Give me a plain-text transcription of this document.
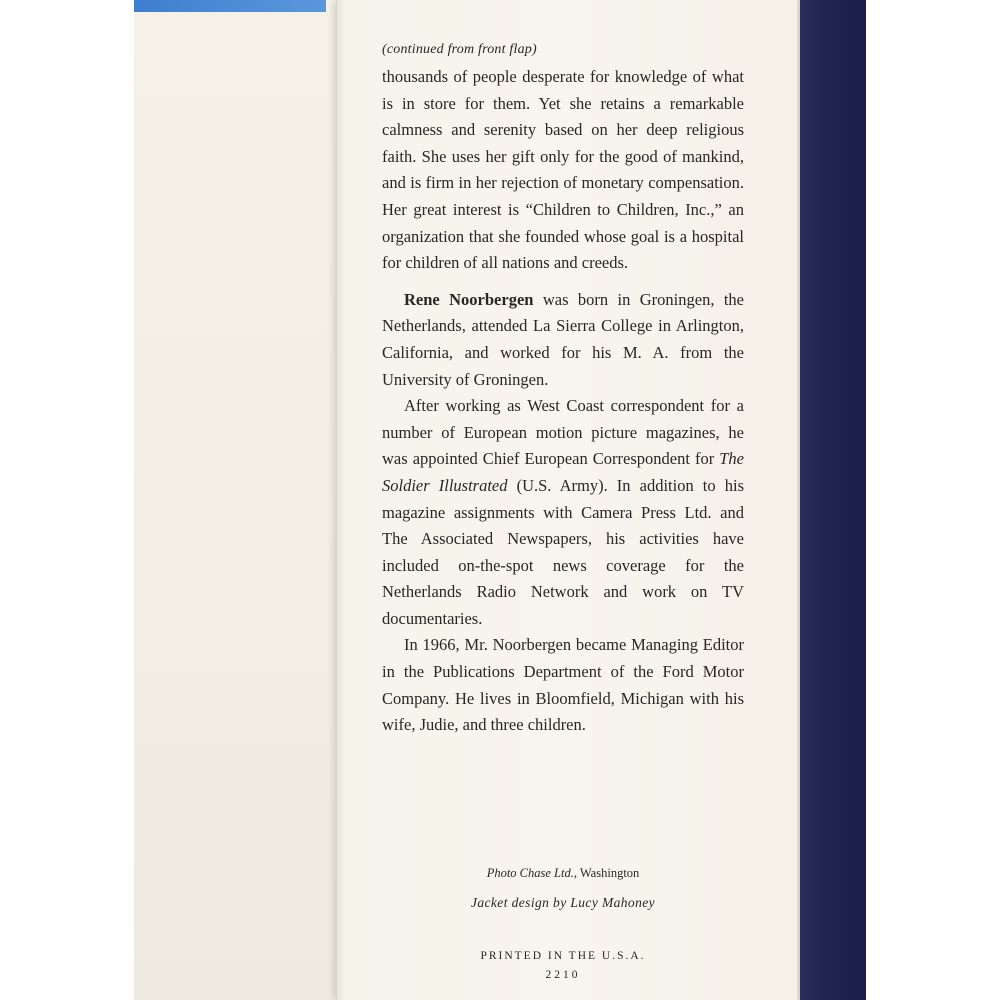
(continued from front flap)

thousands of people desperate for knowledge of what is in store for them. Yet she retains a remarkable calmness and serenity based on her deep religious faith. She uses her gift only for the good of mankind, and is firm in her rejection of monetary compensation. Her great interest is “Children to Children, Inc.,” an organization that she founded whose goal is a hospital for children of all nations and creeds.

Rene Noorbergen was born in Groningen, the Netherlands, attended La Sierra College in Arlington, California, and worked for his M. A. from the University of Groningen.

After working as West Coast correspondent for a number of European motion picture magazines, he was appointed Chief European Correspondent for The Soldier Illustrated (U.S. Army). In addition to his magazine assignments with Camera Press Ltd. and The Associated Newspapers, his activities have included on-the-spot news coverage for the Netherlands Radio Network and work on TV documentaries.

In 1966, Mr. Noorbergen became Managing Editor in the Publications Department of the Ford Motor Company. He lives in Bloomfield, Michigan with his wife, Judie, and three children.

Photo Chase Ltd., Washington
Jacket design by Lucy Mahoney
PRINTED IN THE U.S.A.
2210
